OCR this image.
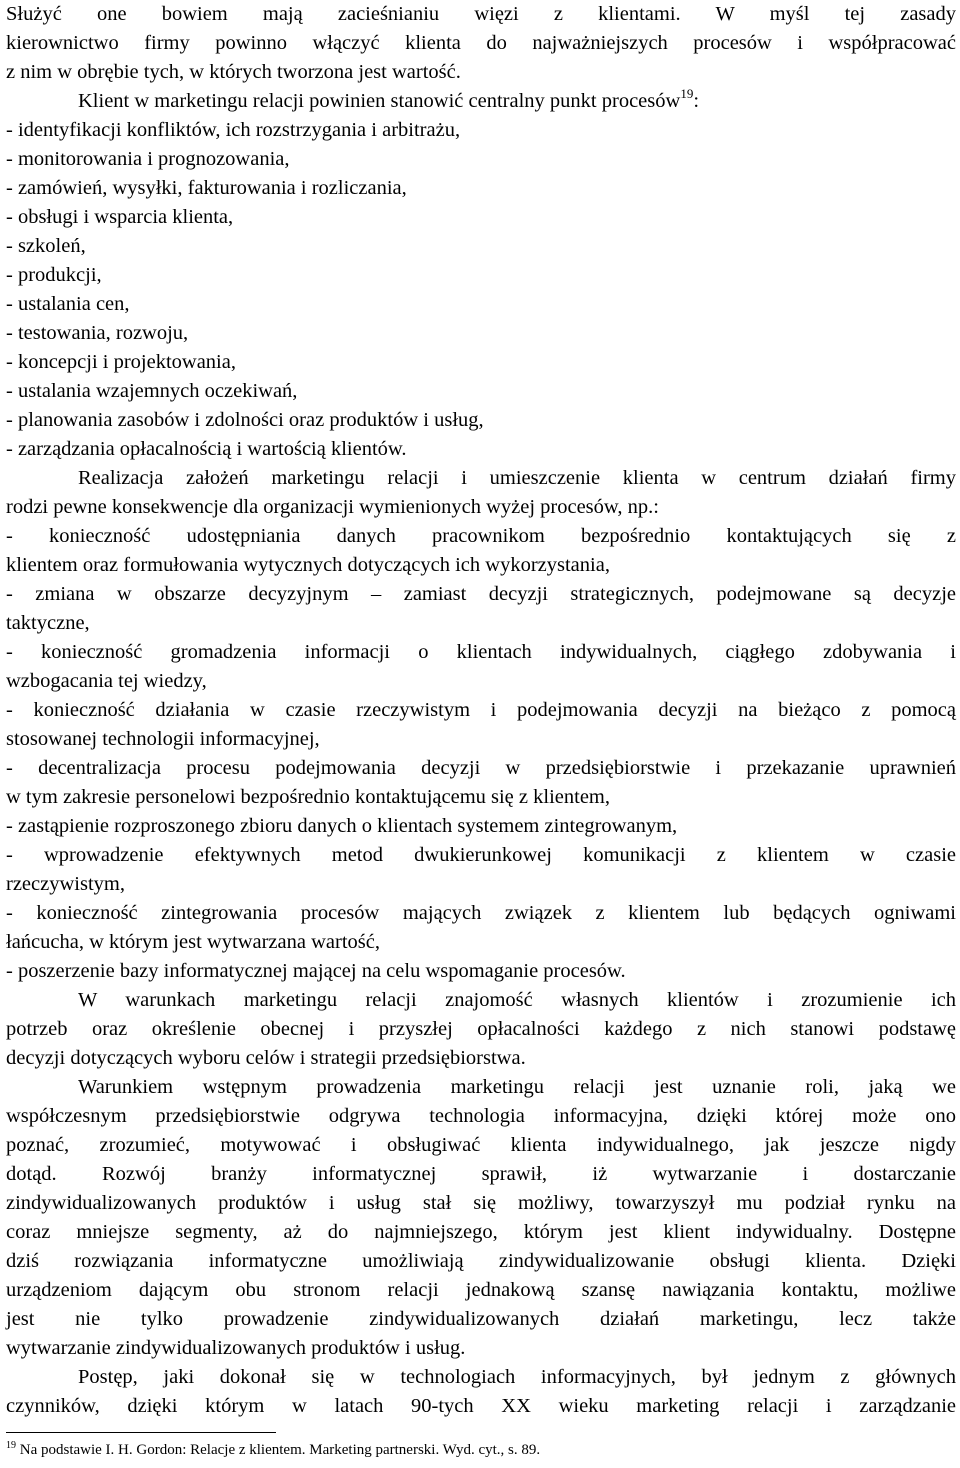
Służyć one bowiem mają zacieśnianiu więzi z klientami. W myśl tej zasady
kierownictwo firmy powinno włączyć klienta do najważniejszych procesów i współpracować
z nim w obrębie tych, w których tworzona jest wartość.
Klient w marketingu relacji powinien stanowić centralny punkt procesów$^{19}$:
- identyfikacji konfliktów, ich rozstrzygania i arbitrażu,
- monitorowania i prognozowania,
- zamówień, wysyłki, fakturowania i rozliczania,
- obsługi i wsparcia klienta,
- szkoleń,
- produkcji,
- ustalania cen,
- testowania, rozwoju,
- koncepcji i projektowania,
- ustalania wzajemnych oczekiwań,
- planowania zasobów i zdolności oraz produktów i usług,
- zarządzania opłacalnością i wartością klientów.
Realizacja założeń marketingu relacji i umieszczenie klienta w centrum działań firmy
rodzi pewne konsekwencje dla organizacji wymienionych wyżej procesów, np.:
- konieczność udostępniania danych pracownikom bezpośrednio kontaktujących się z
klientem oraz formułowania wytycznych dotyczących ich wykorzystania,
- zmiana w obszarze decyzyjnym – zamiast decyzji strategicznych, podejmowane są decyzje
taktyczne,
- konieczność gromadzenia informacji o klientach indywidualnych, ciągłego zdobywania i
wzbogacania tej wiedzy,
- konieczność działania w czasie rzeczywistym i podejmowania decyzji na bieżąco z pomocą
stosowanej technologii informacyjnej,
- decentralizacja procesu podejmowania decyzji w przedsiębiorstwie i przekazanie uprawnień
w tym zakresie personelowi bezpośrednio kontaktującemu się z klientem,
- zastąpienie rozproszonego zbioru danych o klientach systemem zintegrowanym,
- wprowadzenie efektywnych metod dwukierunkowej komunikacji z klientem w czasie
rzeczywistym,
- konieczność zintegrowania procesów mających związek z klientem lub będących ogniwami
łańcucha, w którym jest wytwarzana wartość,
- poszerzenie bazy informatycznej mającej na celu wspomaganie procesów.
W warunkach marketingu relacji znajomość własnych klientów i zrozumienie ich
potrzeb oraz określenie obecnej i przyszłej opłacalności każdego z nich stanowi podstawę
decyzji dotyczących wyboru celów i strategii przedsiębiorstwa.
Warunkiem wstępnym prowadzenia marketingu relacji jest uznanie roli, jaką we
współczesnym przedsiębiorstwie odgrywa technologia informacyjna, dzięki której może ono
poznać, zrozumieć, motywować i obsługiwać klienta indywidualnego, jak jeszcze nigdy
dotąd. Rozwój branży informatycznej sprawił, iż wytwarzanie i dostarczanie
zindywidualizowanych produktów i usług stał się możliwy, towarzyszył mu podział rynku na
coraz mniejsze segmenty, aż do najmniejszego, którym jest klient indywidualny. Dostępne
dziś rozwiązania informatyczne umożliwiają zindywidualizowanie obsługi klienta. Dzięki
urządzeniom dającym obu stronom relacji jednakową szansę nawiązania kontaktu, możliwe
jest nie tylko prowadzenie zindywidualizowanych działań marketingu, lecz także
wytwarzanie zindywidualizowanych produktów i usług.
Postęp, jaki dokonał się w technologiach informacyjnych, był jednym z głównych
czynników, dzięki którym w latach 90-tych XX wieku marketing relacji i zarządzanie
$^{19}$ Na podstawie I. H. Gordon: Relacje z klientem. Marketing partnerski. Wyd. cyt., s. 89.
